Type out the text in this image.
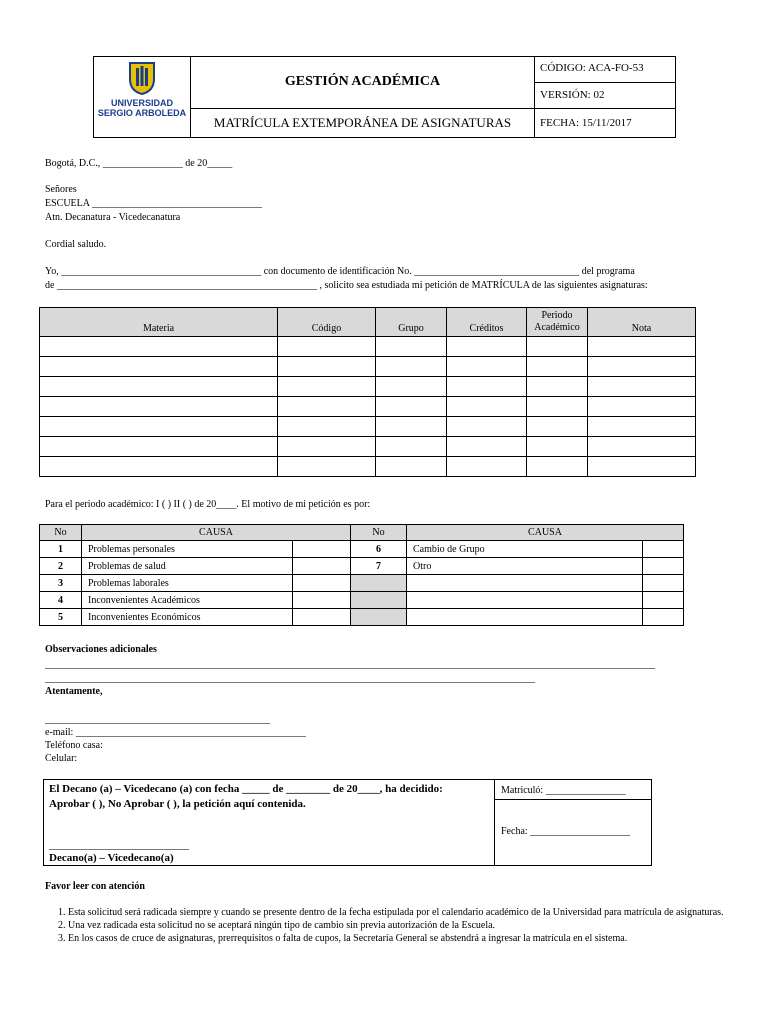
UNIVERSIDAD
SERGIO ARBOLEDA
GESTIÓN ACADÉMICA
MATRÍCULA EXTEMPORÁNEA DE ASIGNATURAS
CÓDIGO: ACA-FO-53
VERSIÓN: 02
FECHA: 15/11/2017
Bogotá, D.C., ________________ de 20_____
Señores
ESCUELA __________________________________
Atn. Decanatura - Vicedecanatura
Cordial saludo.
Yo, ________________________________________ con documento de identificación No. _________________________________ del programa
de ____________________________________________________ , solicito sea estudiada mi petición de MATRÍCULA de las siguientes asignaturas:
Materia	Código	Grupo	Créditos	Periodo Académico	Nota

Para el periodo académico: I ( ) II ( ) de 20____. El motivo de mi petición es por:
No	CAUSA		No	CAUSA	
1	Problemas personales		6	Cambio de Grupo	
2	Problemas de salud		7	Otro	
3	Problemas laborales				
4	Inconvenientes Académicos				
5	Inconvenientes Económicos				
Observaciones adicionales
__________________________________________________________________________________________________________________________
__________________________________________________________________________________________________
Atentamente,
_____________________________________________
e-mail: ______________________________________________
Teléfono casa:
Celular:
El Decano (a) – Vicedecano (a) con fecha _____ de ________ de 20____, ha decidido:
Aprobar ( ), No Aprobar ( ), la petición aquí contenida.
____________________________
Decano(a) – Vicedecano(a)
Matriculó: ________________
Fecha: ____________________
Favor leer con atención
1. Esta solicitud será radicada siempre y cuando se presente dentro de la fecha estipulada por el calendario académico de la Universidad para matrícula de asignaturas.
2. Una vez radicada esta solicitud no se aceptará ningún tipo de cambio sin previa autorización de la Escuela.
3. En los casos de cruce de asignaturas, prerrequisitos o falta de cupos, la Secretaría General se abstendrá a ingresar la matrícula en el sistema.
